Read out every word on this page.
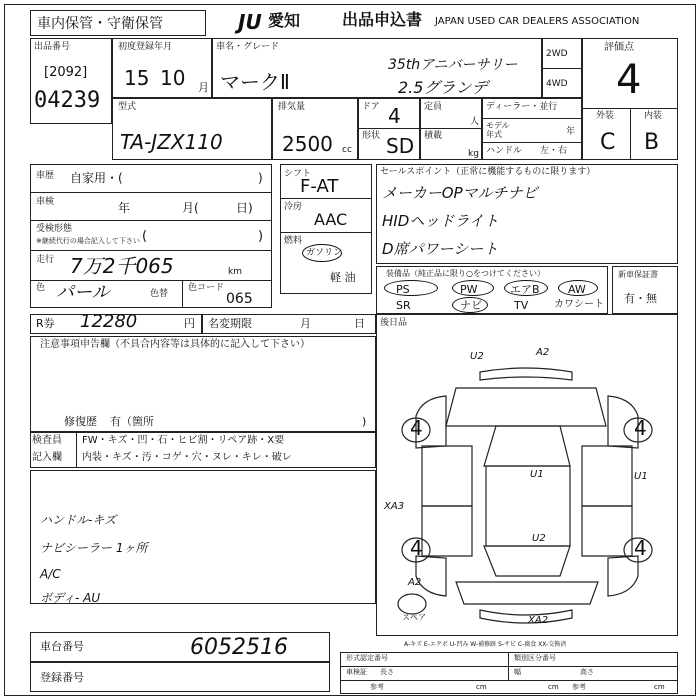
車内保管・守衛保管	JU 愛知	出品申込書 JAPAN USED CAR DEALERS ASSOCIATION
出品番号
[2092]
04239
初度登録年月
15 10 月
車名・グレード
マークⅡ
35thアニバーサリー
2.5グランデ
2WD
4WD
評価点
4
外装	内装
C B
型式
TA-JZX110
排気量
2500 cc
ドア 4
形状 SD
定員
人
積載
kg
ディーラー・並行
モデル
年式	年
ハンドル 左・右
車歴 自家用・(	)
車検	年	月(	日)
受検形態
※継続代行の場合記入して下さい (	)
走行 7万2千065	km
色 パール	色替
色コード
065
シフト
F-AT
冷房
AAC
燃料
ガソリン
軽 油
セールスポイント（正常に機能するものに限ります）
メーカーOPマルチナビ
HIDヘッドライト
D席パワーシート
装備品（純正品に限り○をつけてください）
PS	PW	エアB	AW
SR	ナビ	TV	カワシート
新車保証書
有・無
R券 12280	円 名変期限	月	日
注意事項申告欄（不具合内容等は具体的に記入して下さい）
修復歴 有（箇所	)
検査員
記入欄
FW・キズ・凹・石・ヒビ割・リペア跡・X要
内装・キズ・汚・コゲ・穴・ヌレ・キレ・破レ
ハンドル-キズ
ナビシーラー 1ヶ所
A/C
ボディ- AU
後日品
U2	A2
4	4
4	4
U1	U1
XA3
A2
U2
XA2
スペア
A-キズ E-エクボ U-凹み W-補修跡 S-サビ C-腐食 XX-交換済
車台番号	6052516
登録番号
形式認定番号	類別区分番号
車検証 長さ	幅	高さ
参考	参考
cm	cm	cm
